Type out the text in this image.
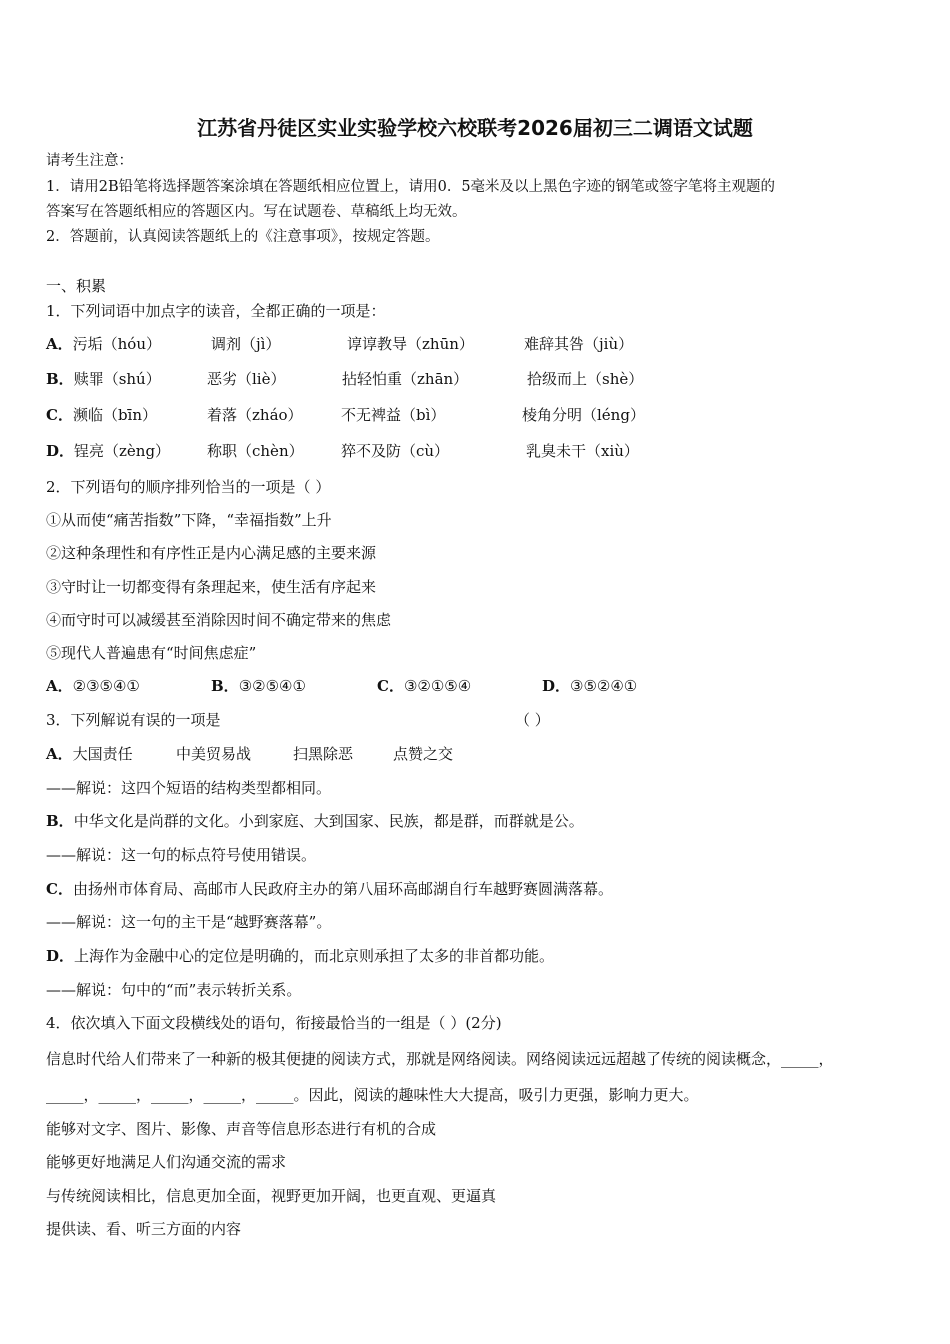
江苏省丹徒区实业实验学校六校联考2026届初三二调语文试题
请考生注意：
1．请用2B铅笔将选择题答案涂填在答题纸相应位置上，请用0．5毫米及以上黑色字迹的钢笔或签字笔将主观题的
答案写在答题纸相应的答题区内。写在试题卷、草稿纸上均无效。
2．答题前，认真阅读答题纸上的《注意事项》，按规定答题。
一、积累
1．下列词语中加点字的读音，全都正确的一项是：
A．污垢（hóu）	调剂（jì）	谆谆教导（zhūn）	难辞其咎（jiù）
B．赎罪（shú）	恶劣（liè）	拈轻怕重（zhān）	拾级而上（shè）
C．濒临（bīn）	着落（zháo）	不无裨益（bì）	棱角分明（léng）
D．锃亮（zèng） 称职（chèn） 猝不及防（cù）	乳臭未干（xiù）
2．下列语句的顺序排列恰当的一项是（ ）
①从而使“痛苦指数”下降，“幸福指数”上升
②这种条理性和有序性正是内心满足感的主要来源
③守时让一切都变得有条理起来，使生活有序起来
④而守时可以减缓甚至消除因时间不确定带来的焦虑
⑤现代人普遍患有“时间焦虑症”
A．②③⑤④①	B．③②⑤④①	C．③②①⑤④	D．③⑤②④①
3．下列解说有误的一项是	（ ）
A．大国责任	中美贸易战	扫黑除恶	点赞之交
——解说：这四个短语的结构类型都相同。
B．中华文化是尚群的文化。小到家庭、大到国家、民族，都是群，而群就是公。
——解说：这一句的标点符号使用错误。
C．由扬州市体育局、高邮市人民政府主办的第八届环高邮湖自行车越野赛圆满落幕。
——解说：这一句的主干是“越野赛落幕”。
D．上海作为金融中心的定位是明确的，而北京则承担了太多的非首都功能。
——解说：句中的“而”表示转折关系。
4．依次填入下面文段横线处的语句，衔接最恰当的一组是（ ）(2分)
信息时代给人们带来了一种新的极其便捷的阅读方式，那就是网络阅读。网络阅读远远超越了传统的阅读概念，_____，
_____，_____，_____，_____，_____。因此，阅读的趣味性大大提高，吸引力更强，影响力更大。
能够对文字、图片、影像、声音等信息形态进行有机的合成
能够更好地满足人们沟通交流的需求
与传统阅读相比，信息更加全面，视野更加开阔，也更直观、更逼真
提供读、看、听三方面的内容
